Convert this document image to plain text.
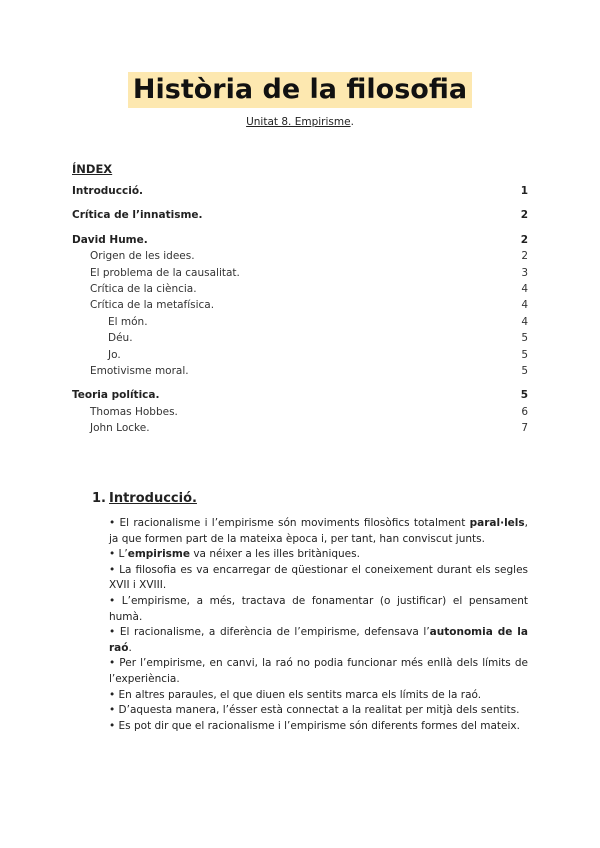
Història de la filosofia
Unitat 8. Empirisme.
ÍNDEX
Introducció.	1
Crítica de l’innatisme.	2
David Hume.	2
Origen de les idees.	2
El problema de la causalitat.	3
Crítica de la ciència.	4
Crítica de la metafísica.	4
El món.	4
Déu.	5
Jo.	5
Emotivisme moral.	5
Teoria política.	5
Thomas Hobbes.	6
John Locke.	7
1. Introducció.

• El racionalisme i l’empirisme són moviments filosòfics totalment paral·lels, ja que formen part de la mateixa època i, per tant, han conviscut junts.

• L’empirisme va néixer a les illes britàniques.

• La filosofia es va encarregar de qüestionar el coneixement durant els segles XVII i XVIII.

• L’empirisme, a més, tractava de fonamentar (o justificar) el pensament humà.

• El racionalisme, a diferència de l’empirisme, defensava l’autonomia de la raó.

• Per l’empirisme, en canvi, la raó no podia funcionar més enllà dels límits de l’experiència.

• En altres paraules, el que diuen els sentits marca els límits de la raó.

• D’aquesta manera, l’ésser està connectat a la realitat per mitjà dels sentits.

• Es pot dir que el racionalisme i l’empirisme són diferents formes del mateix.
